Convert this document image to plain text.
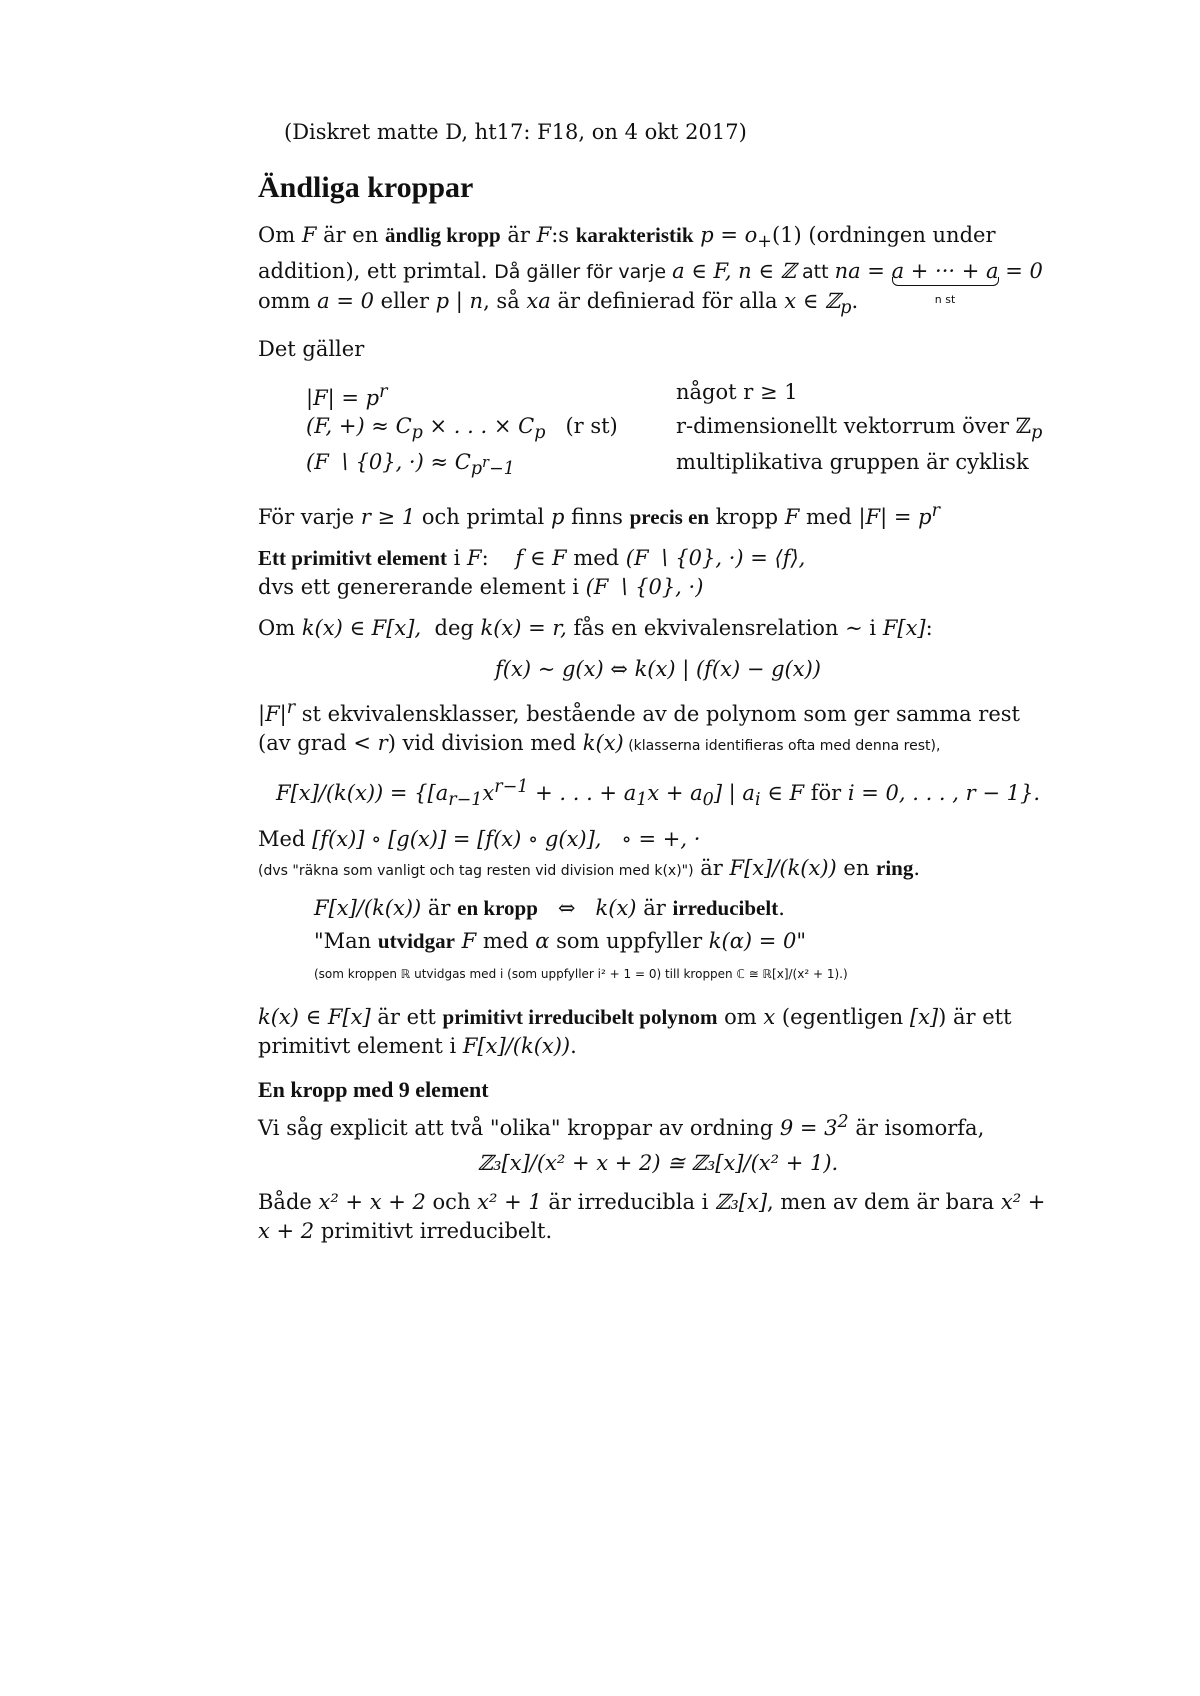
(Diskret matte D, ht17: F18, on 4 okt 2017)
Ändliga kroppar

Om F är en ändlig kropp är F:s karakteristik $p = o_+(1)$ (ordningen under addition), ett primtal. Då gäller för varje a ∈ F, n ∈ ℤ att na = a + ··· + a
n st
= 0
omm a = 0 eller p | n, så xa är definierad för alla x ∈ ℤ$_p$.

Det gäller
$|F| = p^r$	något r ≥ 1
(F, +) ≈ $C_p$ × . . . × $C_p$ (r st)	r-dimensionellt vektorrum över ℤ$_p$
(F ∖ {0}, ·) ≈ $C_{p^r-1}$	multiplikativa gruppen är cyklisk

För varje r ≥ 1 och primtal p finns precis en kropp F med $|F| = p^r$

Ett primitivt element i F: f ∈ F med (F ∖ {0}, ·) = ⟨f⟩,
dvs ett genererande element i (F ∖ {0}, ·)

Om k(x) ∈ F[x], deg k(x) = r, fås en ekvivalensrelation ∼ i F[x]:

f(x) ∼ g(x) ⇔ k(x) | (f(x) − g(x))

$|F|^r$ st ekvivalensklasser, bestående av de polynom som ger samma rest (av grad < r) vid division med k(x) (klasserna identifieras ofta med denna rest),

$F[x]/(k(x)) = \{[a_{r-1}x^{r-1}$ + . . . + $a_1x + a_0$] | $a_i$ ∈ F för i = 0, . . . , r − 1}.

Med [f(x)] ∘ [g(x)] = [f(x) ∘ g(x)], ∘ = +, ·
(dvs "räkna som vanligt och tag resten vid division med k(x)") är F[x]/(k(x)) en ring.

F[x]/(k(x)) är en kropp ⇔ k(x) är irreducibelt.
"Man utvidgar F med α som uppfyller k(α) = 0"
(som kroppen ℝ utvidgas med i (som uppfyller i² + 1 = 0) till kroppen ℂ ≅ ℝ[x]/(x² + 1).)

k(x) ∈ F[x] är ett primitivt irreducibelt polynom om x (egentligen [x]) är ett primitivt element i F[x]/(k(x)).

En kropp med 9 element

Vi såg explicit att två "olika" kroppar av ordning $9 = 3^2$ är isomorfa,

ℤ₃[x]/(x² + x + 2) ≅ ℤ₃[x]/(x² + 1).

Både x² + x + 2 och x² + 1 är irreducibla i ℤ₃[x], men av dem är bara x² + x + 2 primitivt irreducibelt.
